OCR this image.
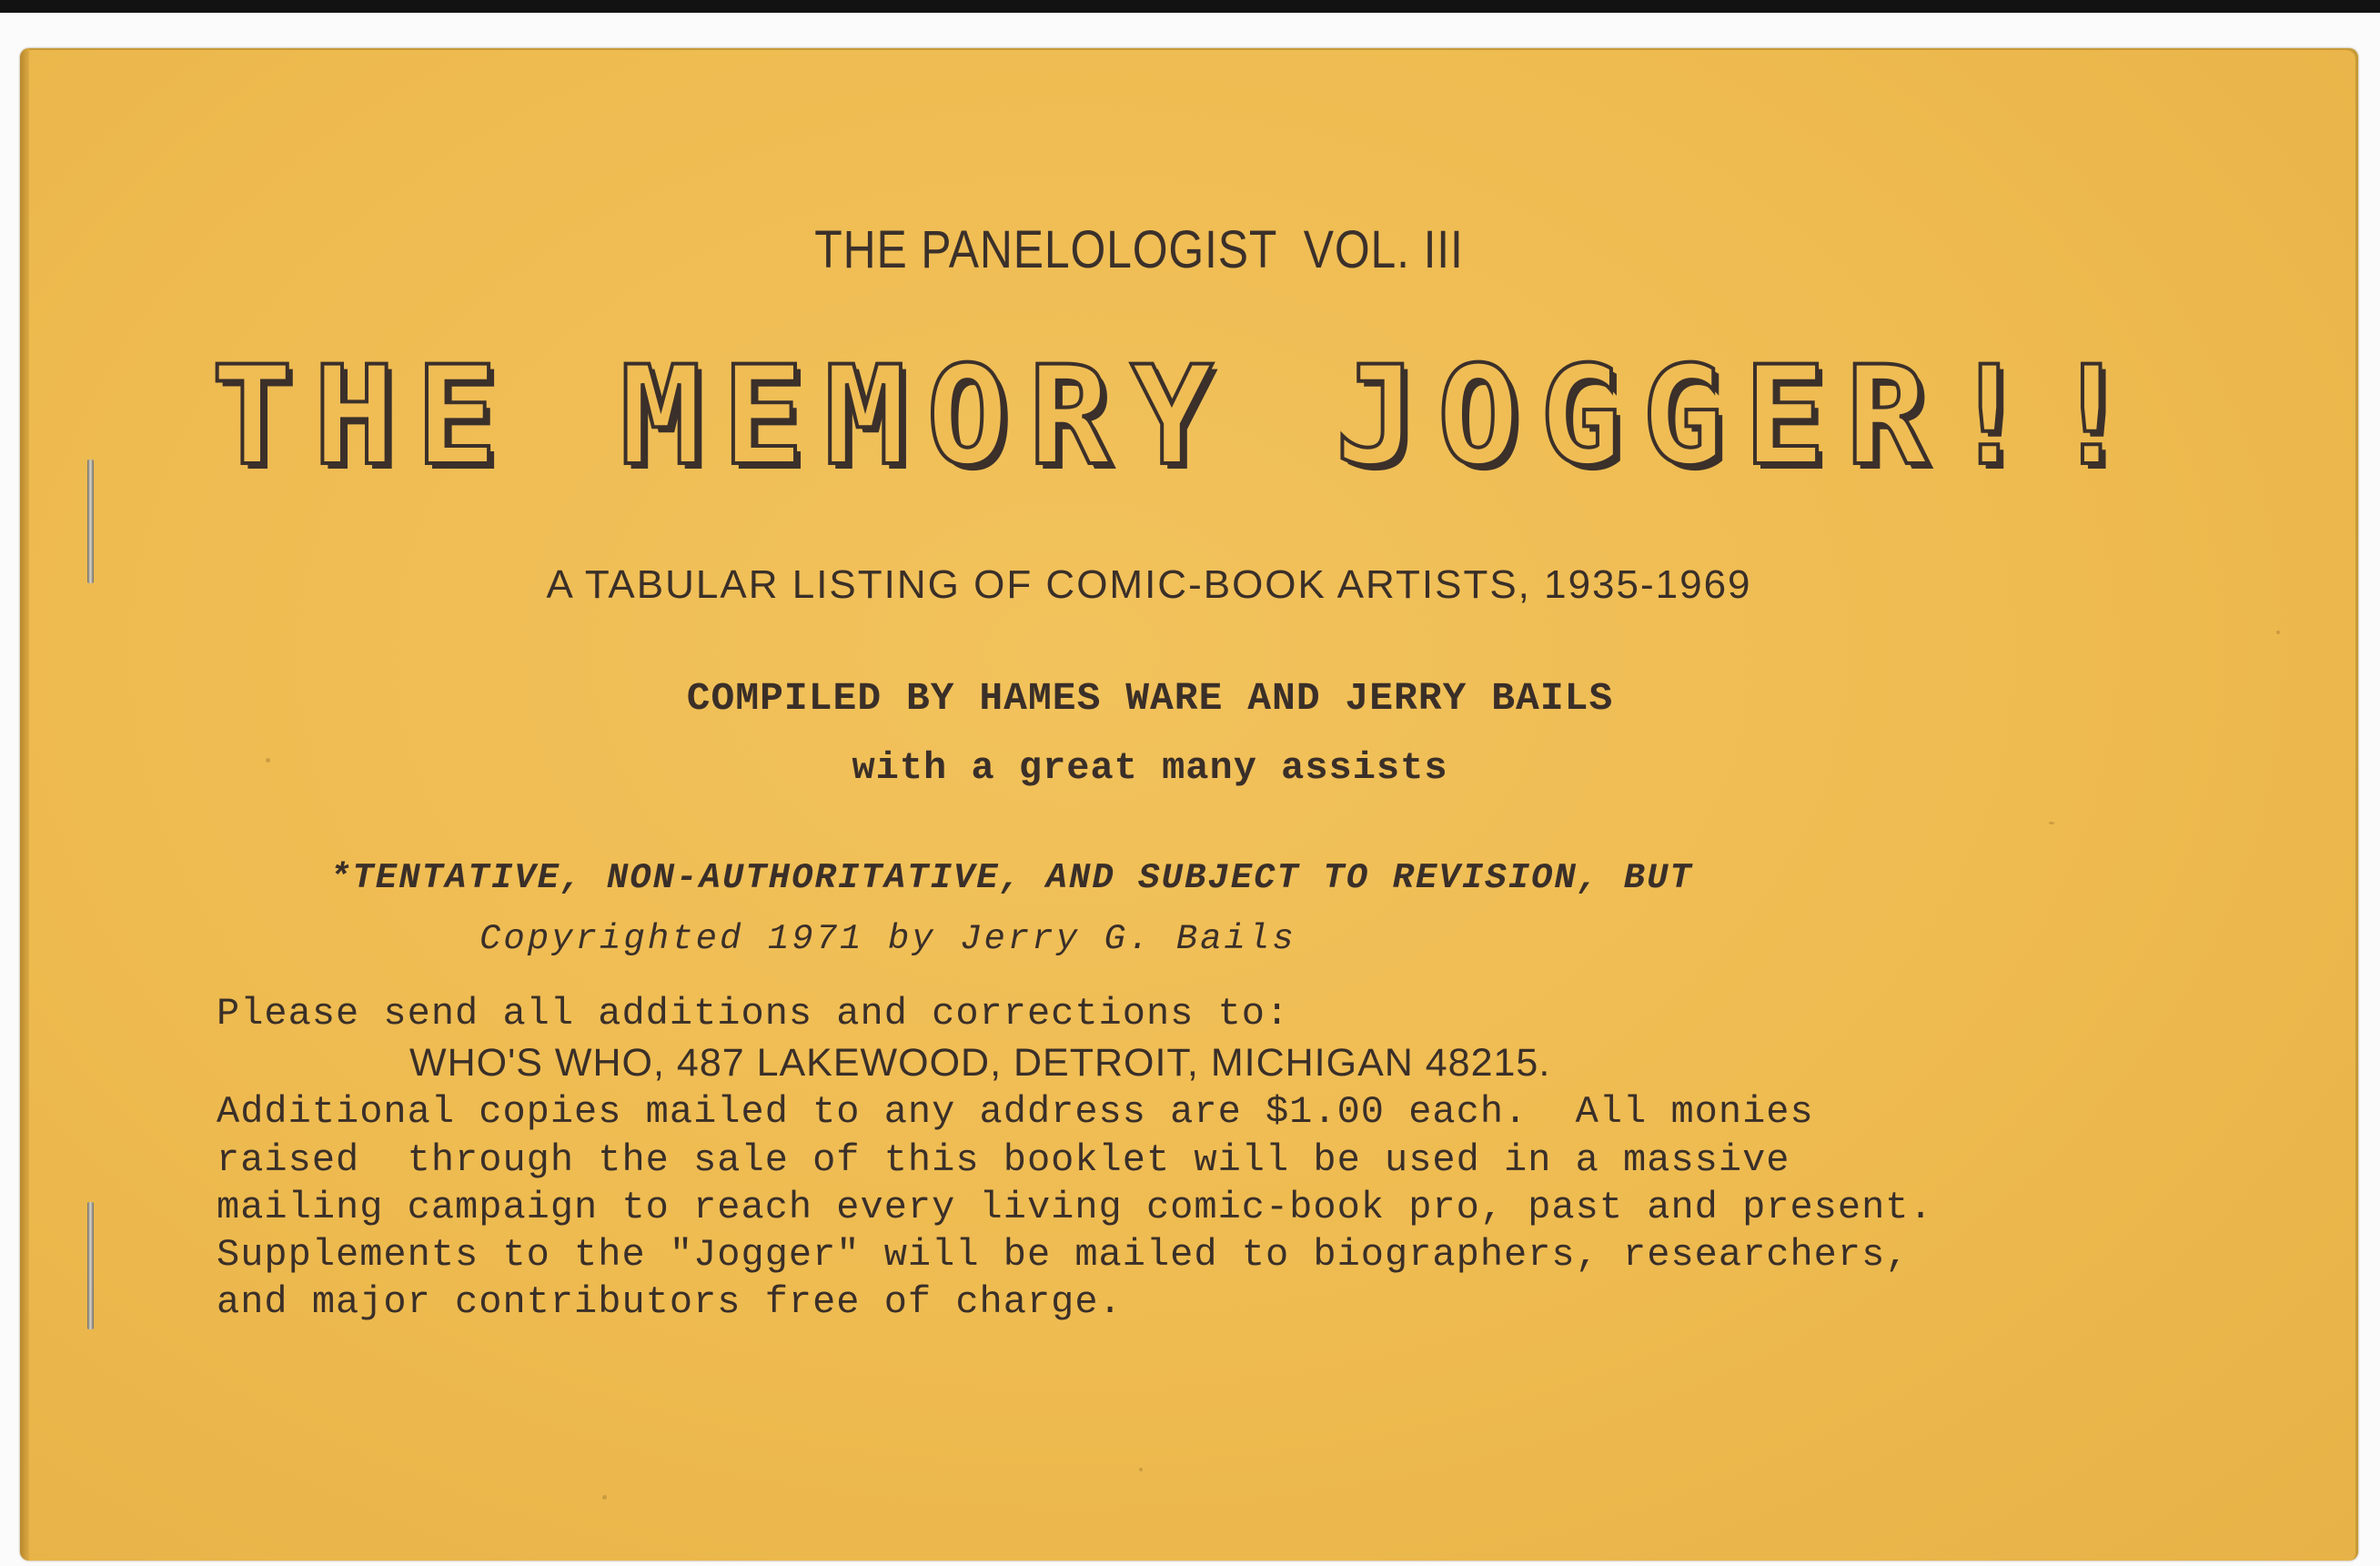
THE PANELOLOGIST  VOL. III
THE MEMORY JOGGER!!
A TABULAR LISTING OF COMIC-BOOK ARTISTS, 1935-1969
COMPILED BY HAMES WARE AND JERRY BAILS
with a great many assists
*TENTATIVE, NON-AUTHORITATIVE, AND SUBJECT TO REVISION, BUT
Copyrighted 1971 by Jerry G. Bails
Please send all additions and corrections to:
WHO'S WHO, 487 LAKEWOOD, DETROIT, MICHIGAN 48215.
Additional copies mailed to any address are $1.00 each.  All monies
raised  through the sale of this booklet will be used in a massive
mailing campaign to reach every living comic-book pro, past and present.
Supplements to the "Jogger" will be mailed to biographers, researchers,
and major contributors free of charge.
